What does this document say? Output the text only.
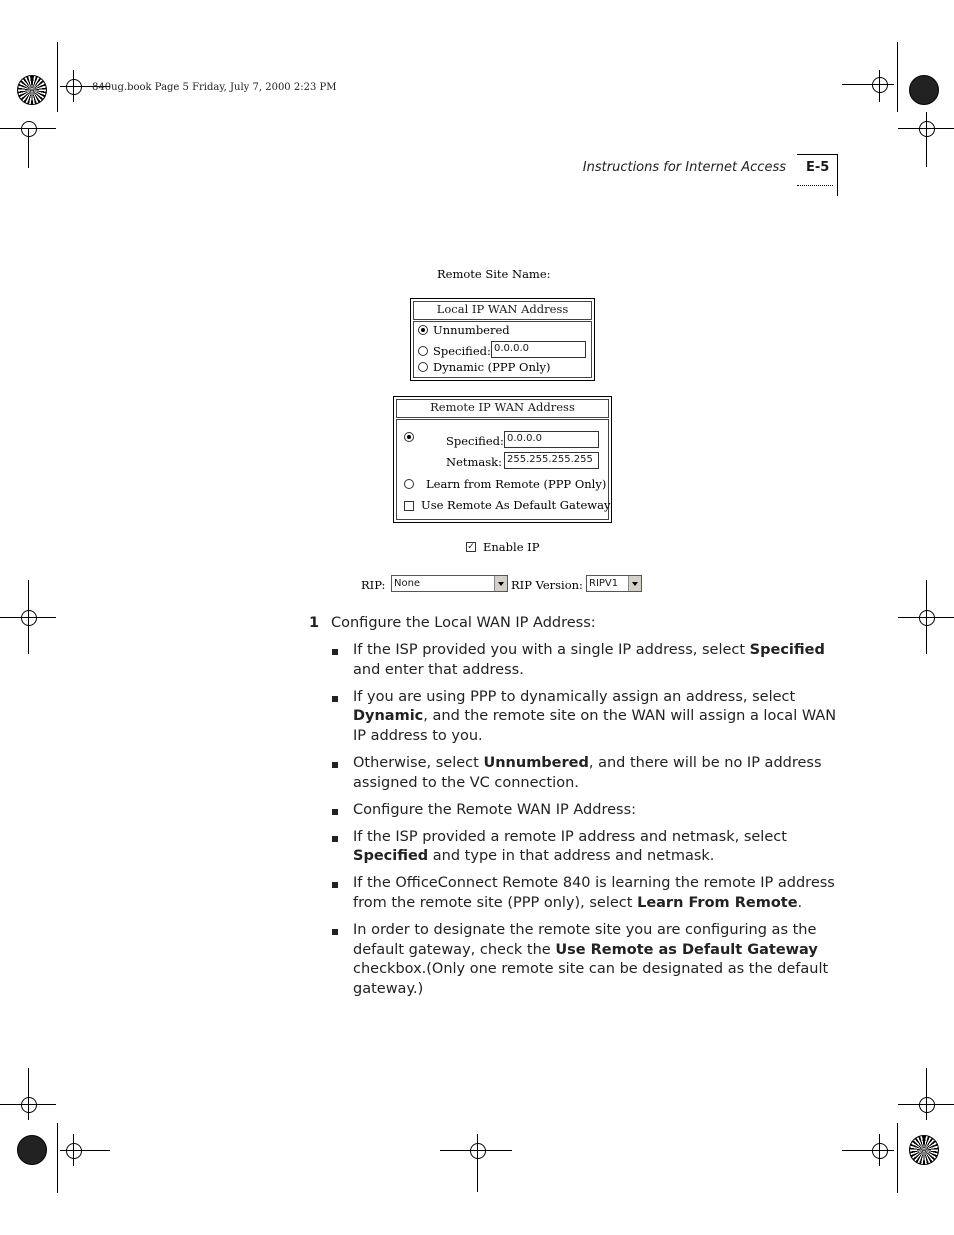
840ug.book Page 5 Friday, July 7, 2000 2:23 PM
Instructions for Internet Access E-5
Remote Site Name:
Local IP WAN Address
Unnumbered
Specified: 0.0.0.0
Dynamic (PPP Only)
Remote IP WAN Address
Specified: 0.0.0.0
Netmask: 255.255.255.255
Learn from Remote (PPP Only)
Use Remote As Default Gateway
✓ Enable IP
RIP: None	RIP Version: RIPV1
1 Configure the Local WAN IP Address:
If the ISP provided you with a single IP address, select Specified and enter that address.
If you are using PPP to dynamically assign an address, select Dynamic, and the remote site on the WAN will assign a local WAN IP address to you.
Otherwise, select Unnumbered, and there will be no IP address assigned to the VC connection.
Configure the Remote WAN IP Address:
If the ISP provided a remote IP address and netmask, select Specified and type in that address and netmask.
If the OfficeConnect Remote 840 is learning the remote IP address from the remote site (PPP only), select Learn From Remote.
In order to designate the remote site you are configuring as the default gateway, check the Use Remote as Default Gateway checkbox.(Only one remote site can be designated as the default gateway.)
